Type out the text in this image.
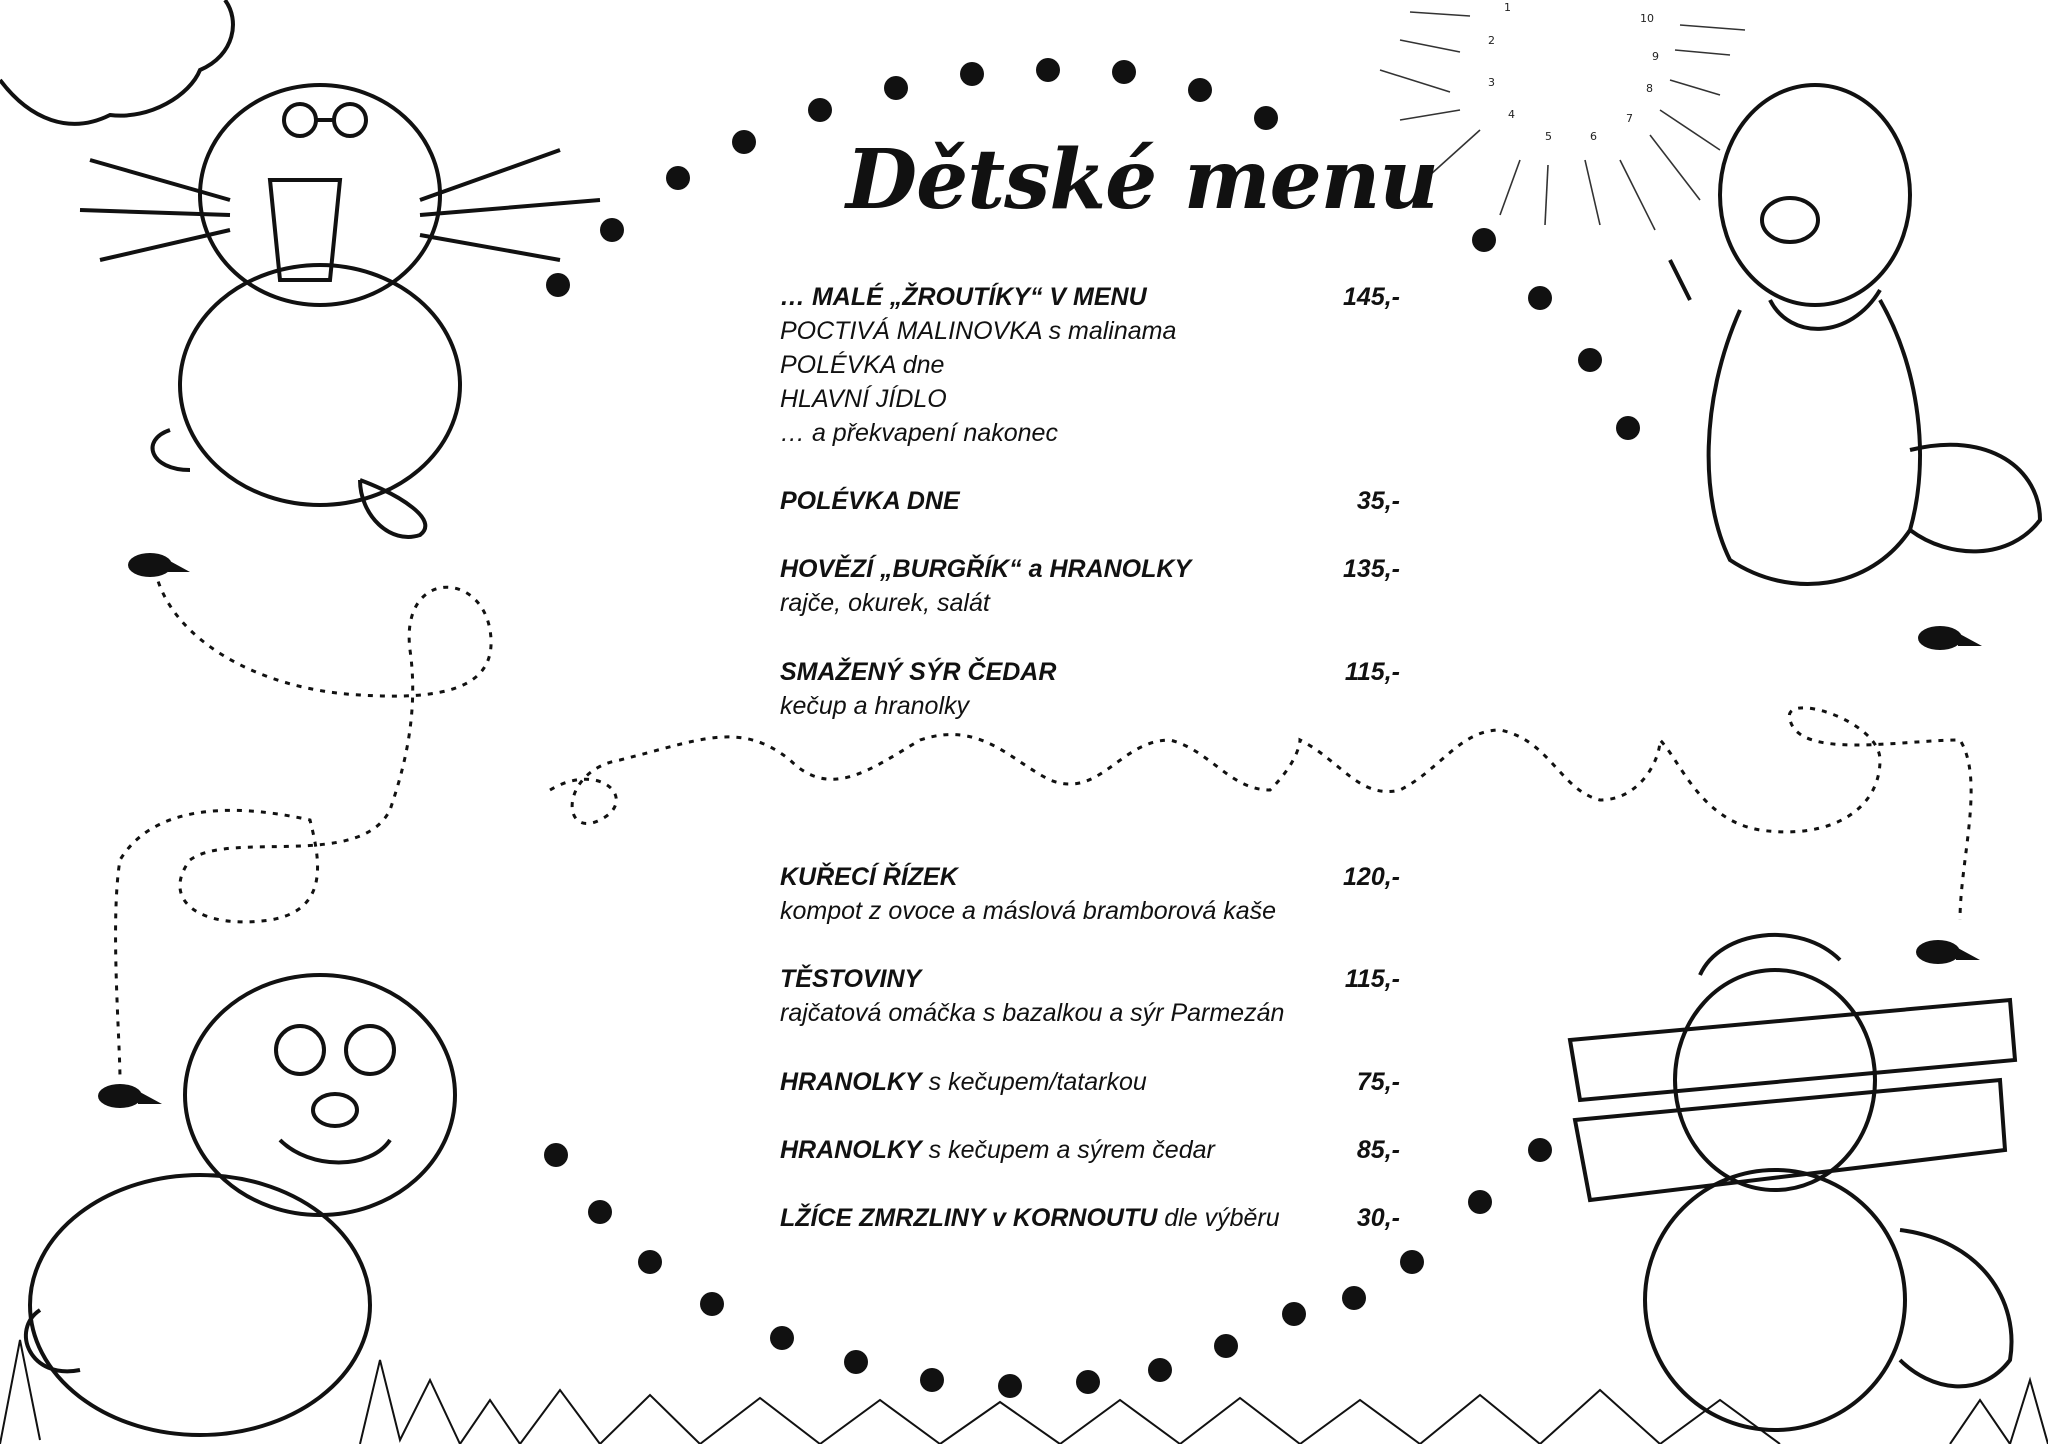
1
2
3
4
5	6
7
8
9
10
Dětské menu
… MALÉ „ŽROUTÍKY“ V MENU	145,-
POCTIVÁ MALINOVKA s malinama
POLÉVKA dne
HLAVNÍ JÍDLO
… a překvapení nakonec
POLÉVKA DNE	35,-
HOVĚZÍ „BURGŘÍK“ a HRANOLKY	135,-
rajče, okurek, salát
SMAŽENÝ SÝR ČEDAR	115,-
kečup a hranolky
KUŘECÍ ŘÍZEK	120,-
kompot z ovoce a máslová bramborová kaše
TĚSTOVINY	115,-
rajčatová omáčka s bazalkou a sýr Parmezán
HRANOLKY s kečupem/tatarkou	75,-
HRANOLKY s kečupem a sýrem čedar	85,-
LŽÍCE ZMRZLINY v KORNOUTU dle výběru	30,-
